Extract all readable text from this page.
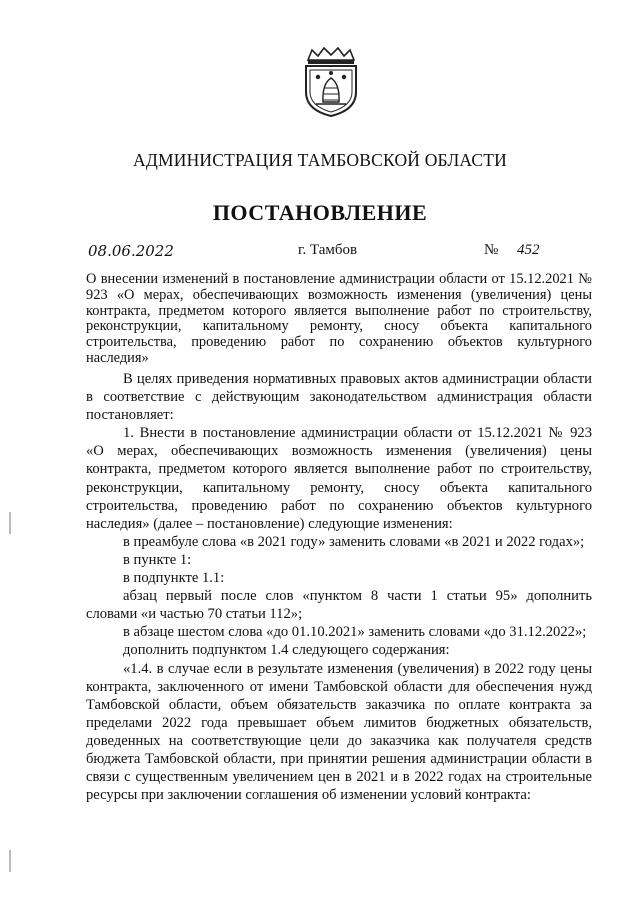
АДМИНИСТРАЦИЯ ТАМБОВСКОЙ ОБЛАСТИ
ПОСТАНОВЛЕНИЕ
08.06.2022	г. Тамбов	№ 452

О внесении изменений в постановление администрации области от 15.12.2021 № 923 «О мерах, обеспечивающих возможность изменения (увеличения) цены контракта, предметом которого является выполнение работ по строительству, реконструкции, капитальному ремонту, сносу объекта капитального строительства, проведению работ по сохранению объектов культурного наследия»

В целях приведения нормативных правовых актов администрации области в соответствие с действующим законодательством администрация области постановляет:

1. Внести в постановление администрации области от 15.12.2021 № 923 «О мерах, обеспечивающих возможность изменения (увеличения) цены контракта, предметом которого является выполнение работ по строительству, реконструкции, капитальному ремонту, сносу объекта капитального строительства, проведению работ по сохранению объектов культурного наследия» (далее – постановление) следующие изменения:

в преамбуле слова «в 2021 году» заменить словами «в 2021 и 2022 годах»;

в пункте 1:

в подпункте 1.1:

абзац первый после слов «пунктом 8 части 1 статьи 95» дополнить словами «и частью 70 статьи 112»;

в абзаце шестом слова «до 01.10.2021» заменить словами «до 31.12.2022»;

дополнить подпунктом 1.4 следующего содержания:

«1.4. в случае если в результате изменения (увеличения) в 2022 году цены контракта, заключенного от имени Тамбовской области для обеспечения нужд Тамбовской области, объем обязательств заказчика по оплате контракта за пределами 2022 года превышает объем лимитов бюджетных обязательств, доведенных на соответствующие цели до заказчика как получателя средств бюджета Тамбовской области, при принятии решения администрации области в связи с существенным увеличением цен в 2021 и в 2022 годах на строительные ресурсы при заключении соглашения об изменении условий контракта:
